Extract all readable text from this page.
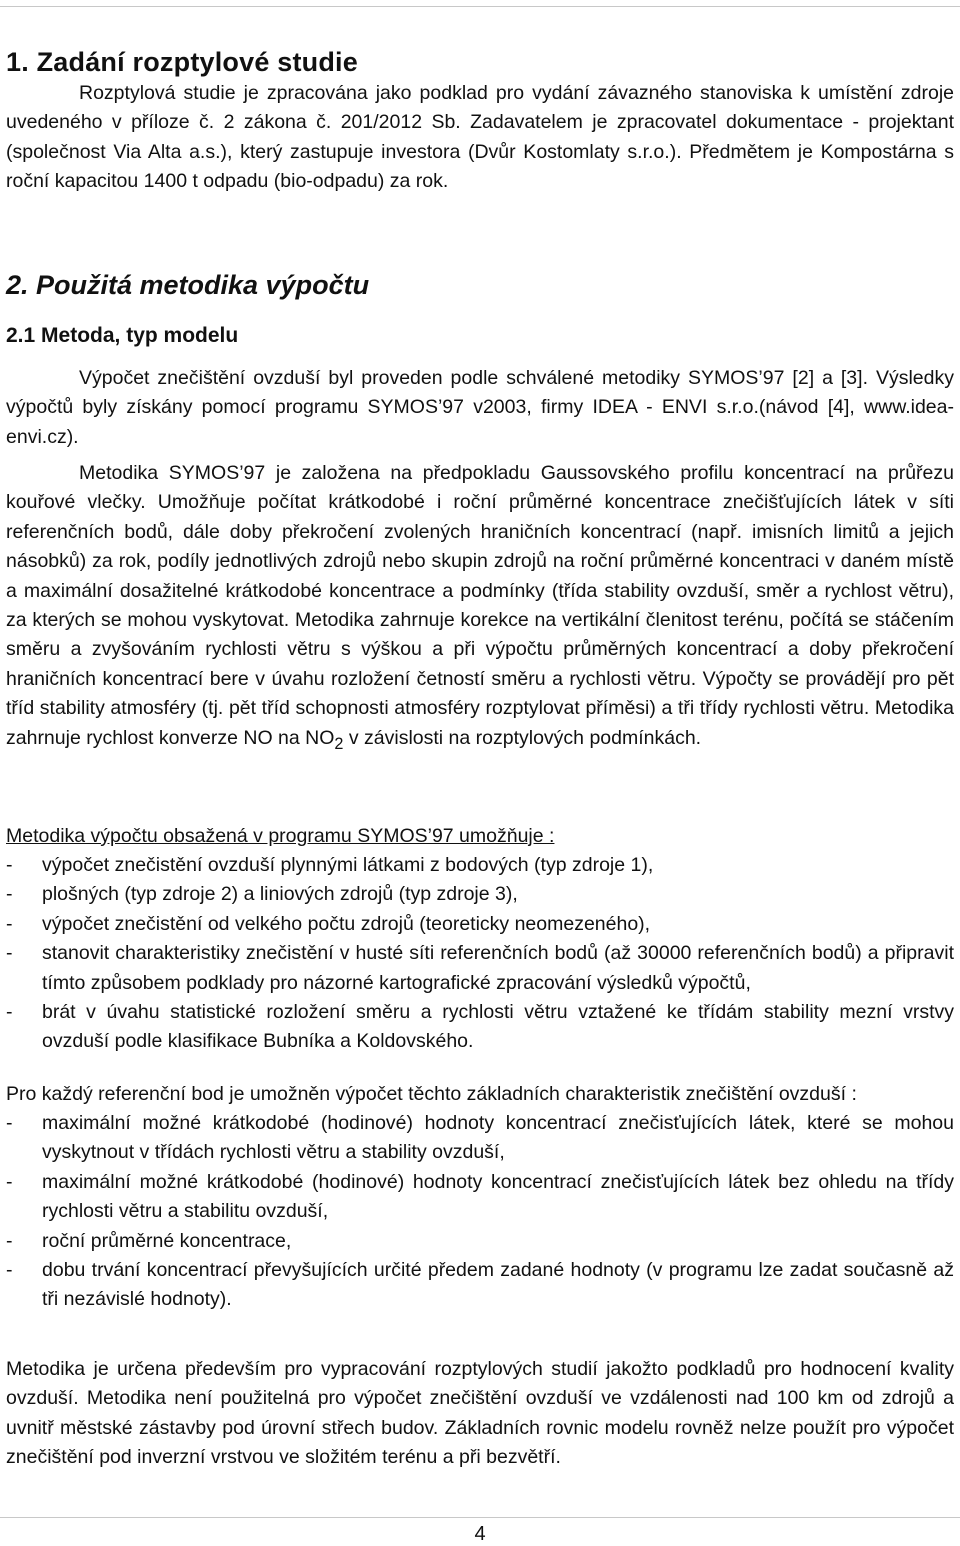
1. Zadání rozptylové studie

Rozptylová studie je zpracována jako podklad pro vydání závazného stanoviska k umístění zdroje uvedeného v příloze č. 2 zákona č. 201/2012 Sb. Zadavatelem je zpracovatel dokumentace - projektant (společnost Via Alta a.s.), který zastupuje investora (Dvůr Kostomlaty s.r.o.). Předmětem je Kompostárna s roční kapacitou 1400 t odpadu (bio-odpadu) za rok.

2. Použitá metodika výpočtu
2.1 Metoda, typ modelu

Výpočet znečištění ovzduší byl proveden podle schválené metodiky SYMOS’97 [2] a [3]. Výsledky výpočtů byly získány pomocí programu SYMOS’97 v2003, firmy IDEA - ENVI s.r.o.(návod [4], www.idea-envi.cz).

Metodika SYMOS’97 je založena na předpokladu Gaussovského profilu koncentrací na průřezu kouřové vlečky. Umožňuje počítat krátkodobé i roční průměrné koncentrace znečišťujících látek v síti referenčních bodů, dále doby překročení zvolených hraničních koncentrací (např. imisních limitů a jejich násobků) za rok, podíly jednotlivých zdrojů nebo skupin zdrojů na roční průměrné koncentraci v daném místě a maximální dosažitelné krátkodobé koncentrace a podmínky (třída stability ovzduší, směr a rychlost větru), za kterých se mohou vyskytovat. Metodika zahrnuje korekce na vertikální členitost terénu, počítá se stáčením směru a zvyšováním rychlosti větru s výškou a při výpočtu průměrných koncentrací a doby překročení hraničních koncentrací bere v úvahu rozložení četností směru a rychlosti větru. Výpočty se provádějí pro pět tříd stability atmosféry (tj. pět tříd schopnosti atmosféry rozptylovat příměsi) a tři třídy rychlosti větru. Metodika zahrnuje rychlost konverze NO na $NO_2$ v závislosti na rozptylových podmínkách.

Metodika výpočtu obsažená v programu SYMOS’97 umožňuje :

- výpočet znečistění ovzduší plynnými látkami z bodových (typ zdroje 1),
- plošných (typ zdroje 2) a liniových zdrojů (typ zdroje 3),
- výpočet znečistění od velkého počtu zdrojů (teoreticky neomezeného),
- stanovit charakteristiky znečistění v husté síti referenčních bodů (až 30000 referenčních bodů) a připravit tímto způsobem podklady pro názorné kartografické zpracování výsledků výpočtů,
- brát v úvahu statistické rozložení směru a rychlosti větru vztažené ke třídám stability mezní vrstvy ovzduší podle klasifikace Bubníka a Koldovského.

Pro každý referenční bod je umožněn výpočet těchto základních charakteristik znečištění ovzduší :

- maximální možné krátkodobé (hodinové) hodnoty koncentrací znečisťujících látek, které se mohou vyskytnout v třídách rychlosti větru a stability ovzduší,
- maximální možné krátkodobé (hodinové) hodnoty koncentrací znečisťujících látek bez ohledu na třídy rychlosti větru a stabilitu ovzduší,
- roční průměrné koncentrace,
- dobu trvání koncentrací převyšujících určité předem zadané hodnoty (v programu lze zadat současně až tři nezávislé hodnoty).

Metodika je určena především pro vypracování rozptylových studií jakožto podkladů pro hodnocení kvality ovzduší. Metodika není použitelná pro výpočet znečištění ovzduší ve vzdálenosti nad 100 km od zdrojů a uvnitř městské zástavby pod úrovní střech budov. Základních rovnic modelu rovněž nelze použít pro výpočet znečištění pod inverzní vrstvou ve složitém terénu a při bezvětří.

4
